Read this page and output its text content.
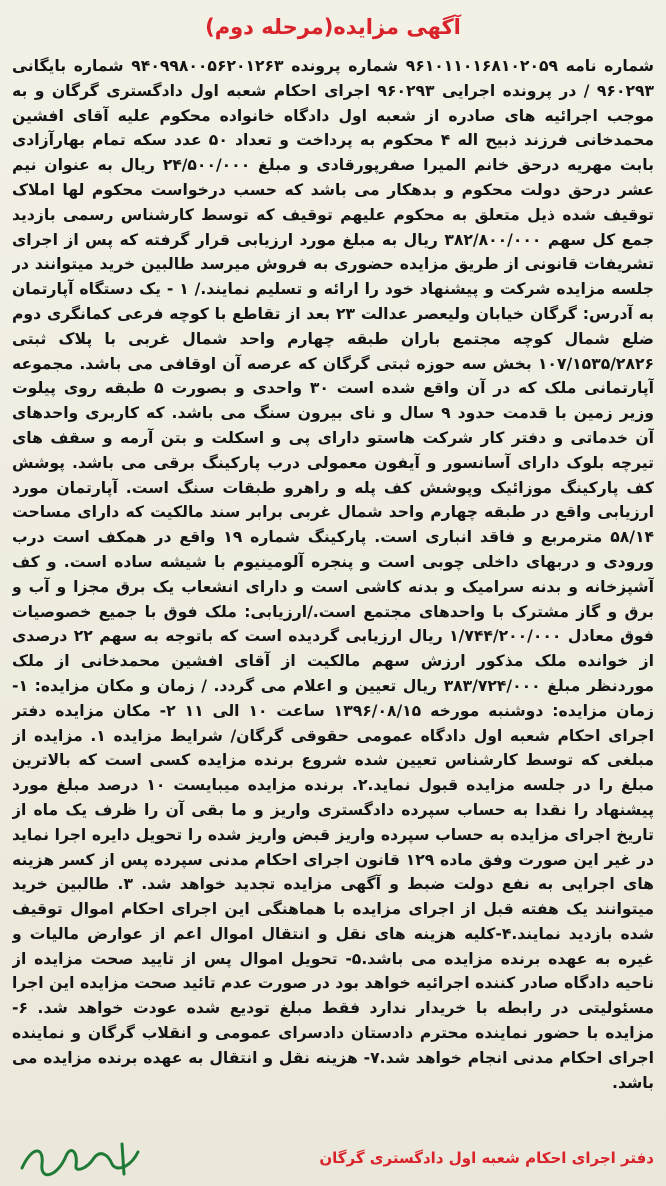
آگهی مزایده(مرحله دوم)

شماره نامه ۹۶۱۰۱۱۰۱۶۸۱۰۲۰۵۹ شماره پرونده ۹۴۰۹۹۸۰۰۵۶۲۰۱۲۶۳ شماره بایگانی ۹۶۰۲۹۳ / در پرونده اجرایی ۹۶۰۲۹۳ اجرای احکام شعبه اول دادگستری گرگان و به موجب اجرائیه های صادره از شعبه اول دادگاه خانواده محکوم علیه آقای افشین محمدخانی فرزند ذبیح اله ۴ محکوم به پرداخت و تعداد ۵۰ عدد سکه تمام بهارآزادی بابت مهریه درحق خانم المیرا صفرپورقادی و مبلغ ۲۴/۵۰۰/۰۰۰ ریال به عنوان نیم عشر درحق دولت محکوم و بدهکار می باشد که حسب درخواست محکوم لها املاک توقیف شده ذیل متعلق به محکوم علیهم توقیف که توسط کارشناس رسمی بازدید جمع کل سهم ۳۸۲/۸۰۰/۰۰۰ ریال به مبلغ مورد ارزیابی قرار گرفته که پس از اجرای تشریفات قانونی از طریق مزایده حضوری به فروش میرسد طالبین خرید میتوانند در جلسه مزایده شرکت و پیشنهاد خود را ارائه و تسلیم نمایند./ ۱ - یک دستگاه آپارتمان به آدرس: گرگان خیابان ولیعصر عدالت ۲۳ بعد از تقاطع با کوچه فرعی کمانگری دوم ضلع شمال کوچه مجتمع باران طبقه چهارم واحد شمال غربی با پلاک ثبتی ۱۰۷/۱۵۳۵/۲۸۲۶ بخش سه حوزه ثبتی گرگان که عرصه آن اوقافی می باشد. مجموعه آپارتمانی ملک که در آن واقع شده است ۳۰ واحدی و بصورت ۵ طبقه روی پیلوت وزیر زمین با قدمت حدود ۹ سال و نای بیرون سنگ می باشد. که کاربری واحدهای آن خدماتی و دفتر کار شرکت هاستو دارای پی و اسکلت و بتن آرمه و سقف های تیرچه بلوک دارای آسانسور و آیفون معمولی درب پارکینگ برقی می باشد. پوشش کف پارکینگ موزائیک وپوشش کف پله و راهرو طبقات سنگ است. آپارتمان مورد ارزیابی واقع در طبقه چهارم واحد شمال غربی برابر سند مالکیت که دارای مساحت ۵۸/۱۴ مترمربع و فاقد انباری است. پارکینگ شماره ۱۹ واقع در همکف است درب ورودی و دربهای داخلی چوبی است و پنجره آلومینیوم با شیشه ساده است. و کف آشپزخانه و بدنه سرامیک و بدنه کاشی است و دارای انشعاب یک برق مجزا و آب و برق و گاز مشترک با واحدهای مجتمع است./ارزیابی: ملک فوق با جمیع خصوصیات فوق معادل ۱/۷۴۴/۲۰۰/۰۰۰ ریال ارزیابی گردیده است که باتوجه به سهم ۲۲ درصدی از خوانده ملک مذکور ارزش سهم مالکیت از آقای افشین محمدخانی از ملک موردنظر مبلغ ۳۸۳/۷۲۴/۰۰۰ ریال تعیین و اعلام می گردد. / زمان و مکان مزایده: ۱- زمان مزایده: دوشنبه مورخه ۱۳۹۶/۰۸/۱۵ ساعت ۱۰ الی ۱۱ ۲- مکان مزایده دفتر اجرای احکام شعبه اول دادگاه عمومی حقوقی گرگان/ شرایط مزایده ۱. مزایده از مبلغی که توسط کارشناس تعیین شده شروع برنده مزایده کسی است که بالاترین مبلغ را در جلسه مزایده قبول نماید.۲. برنده مزایده میبایست ۱۰ درصد مبلغ مورد پیشنهاد را نقدا به حساب سپرده دادگستری واریز و ما بقی آن را ظرف یک ماه از تاریخ اجرای مزایده به حساب سپرده واریز قبض واریز شده را تحویل دایره اجرا نماید در غیر این صورت وفق ماده ۱۲۹ قانون اجرای احکام مدنی سپرده پس از کسر هزینه های اجرایی به نفع دولت ضبط و آگهی مزایده تجدید خواهد شد. ۳. طالبین خرید میتوانند یک هفته قبل از اجرای مزایده با هماهنگی این اجرای احکام اموال توقیف شده بازدید نمایند.۴-کلیه هزینه های نقل و انتقال اموال اعم از عوارض مالیات و غیره به عهده برنده مزایده می باشد.۵- تحویل اموال پس از تایید صحت مزایده از ناحیه دادگاه صادر کننده اجرائیه خواهد بود در صورت عدم تائید صحت مزایده این اجرا مسئولیتی در رابطه با خریدار ندارد فقط مبلغ تودیع شده عودت خواهد شد. ۶- مزایده با حضور نماینده محترم دادستان دادسرای عمومی و انقلاب گرگان و نماینده اجرای احکام مدنی انجام خواهد شد.۷- هزینه نقل و انتقال به عهده برنده مزایده می باشد.

دفتر اجرای احکام شعبه اول دادگستری گرگان
